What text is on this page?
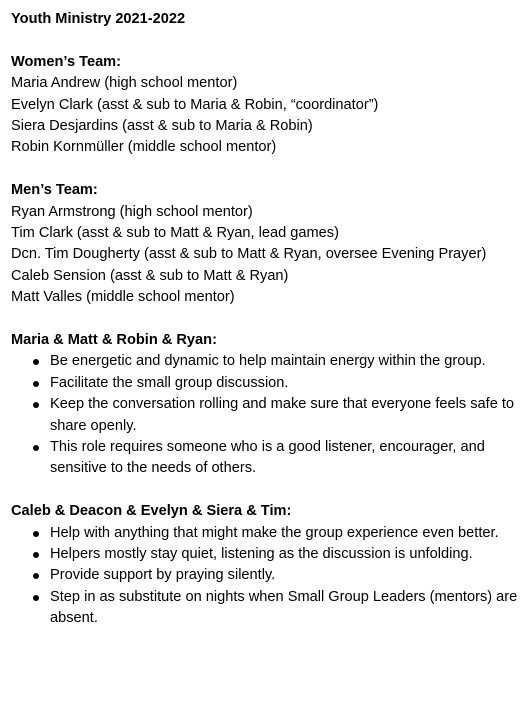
Youth Ministry 2021-2022

Women’s Team:

Maria Andrew (high school mentor)

Evelyn Clark (asst & sub to Maria & Robin, “coordinator”)

Siera Desjardins (asst & sub to Maria & Robin)

Robin Kornmüller (middle school mentor)

Men’s Team:

Ryan Armstrong (high school mentor)

Tim Clark (asst & sub to Matt & Ryan, lead games)

Dcn. Tim Dougherty (asst & sub to Matt & Ryan, oversee Evening Prayer)

Caleb Sension (asst & sub to Matt & Ryan)

Matt Valles (middle school mentor)

Maria & Matt & Robin & Ryan:

Be energetic and dynamic to help maintain energy within the group.
Facilitate the small group discussion.
Keep the conversation rolling and make sure that everyone feels safe to share openly.
This role requires someone who is a good listener, encourager, and sensitive to the needs of others.

Caleb & Deacon & Evelyn & Siera & Tim:

Help with anything that might make the group experience even better.
Helpers mostly stay quiet, listening as the discussion is unfolding.
Provide support by praying silently.
Step in as substitute on nights when Small Group Leaders (mentors) are absent.
